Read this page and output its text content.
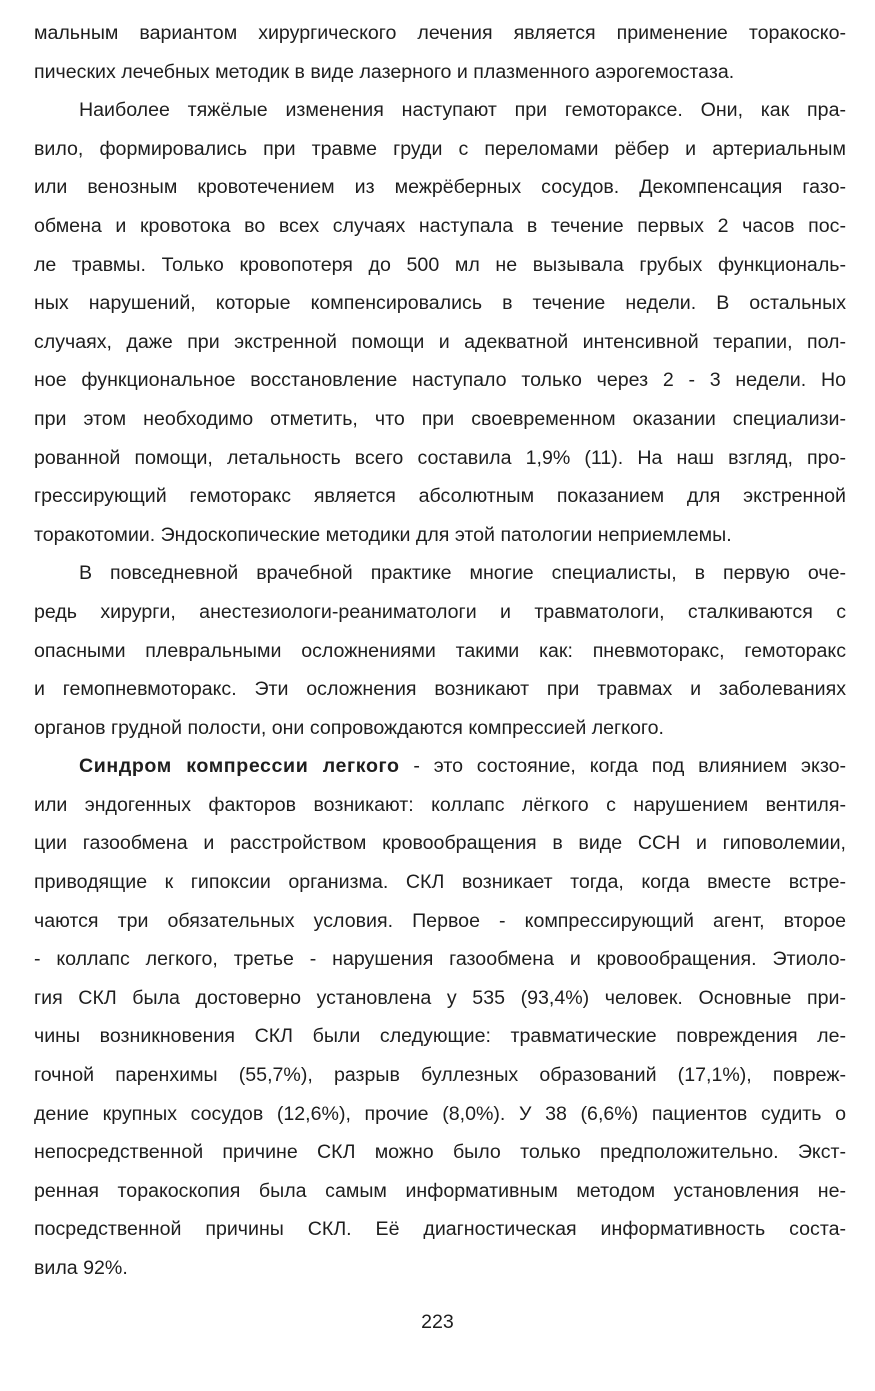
мальным вариантом хирургического лечения является применение торакоско-
пических лечебных методик в виде лазерного и плазменного аэрогемостаза.
Наиболее тяжёлые изменения наступают при гемотораксе. Они, как пра-
вило, формировались при травме груди с переломами рёбер и артериальным
или венозным кровотечением из межрёберных сосудов. Декомпенсация газо-
обмена и кровотока во всех случаях наступала в течение первых 2 часов пос-
ле травмы. Только кровопотеря до 500 мл не вызывала грубых функциональ-
ных нарушений, которые компенсировались в течение недели. В остальных
случаях, даже при экстренной помощи и адекватной интенсивной терапии, пол-
ное функциональное восстановление наступало только через 2 - 3 недели. Но
при этом необходимо отметить, что при своевременном оказании специализи-
рованной помощи, летальность всего составила 1,9% (11). На наш взгляд, про-
грессирующий гемоторакс является абсолютным показанием для экстренной
торакотомии. Эндоскопические методики для этой патологии неприемлемы.
В повседневной врачебной практике многие специалисты, в первую оче-
редь хирурги, анестезиологи-реаниматологи и травматологи, сталкиваются с
опасными плевральными осложнениями такими как: пневмоторакс, гемоторакс
и гемопневмоторакс. Эти осложнения возникают при травмах и заболеваниях
органов грудной полости, они сопровождаются компрессией легкого.
Синдром компрессии легкого - это состояние, когда под влиянием экзо-
или эндогенных факторов возникают: коллапс лёгкого с нарушением вентиля-
ции газообмена и расстройством кровообращения в виде ССН и гиповолемии,
приводящие к гипоксии организма. СКЛ возникает тогда, когда вместе встре-
чаются три обязательных условия. Первое - компрессирующий агент, второе
- коллапс легкого, третье - нарушения газообмена и кровообращения. Этиоло-
гия СКЛ была достоверно установлена у 535 (93,4%) человек. Основные при-
чины возникновения СКЛ были следующие: травматические повреждения ле-
гочной паренхимы (55,7%), разрыв буллезных образований (17,1%), повреж-
дение крупных сосудов (12,6%), прочие (8,0%). У 38 (6,6%) пациентов судить о
непосредственной причине СКЛ можно было только предположительно. Экст-
ренная торакоскопия была самым информативным методом установления не-
посредственной причины СКЛ. Её диагностическая информативность соста-
вила 92%.
223
